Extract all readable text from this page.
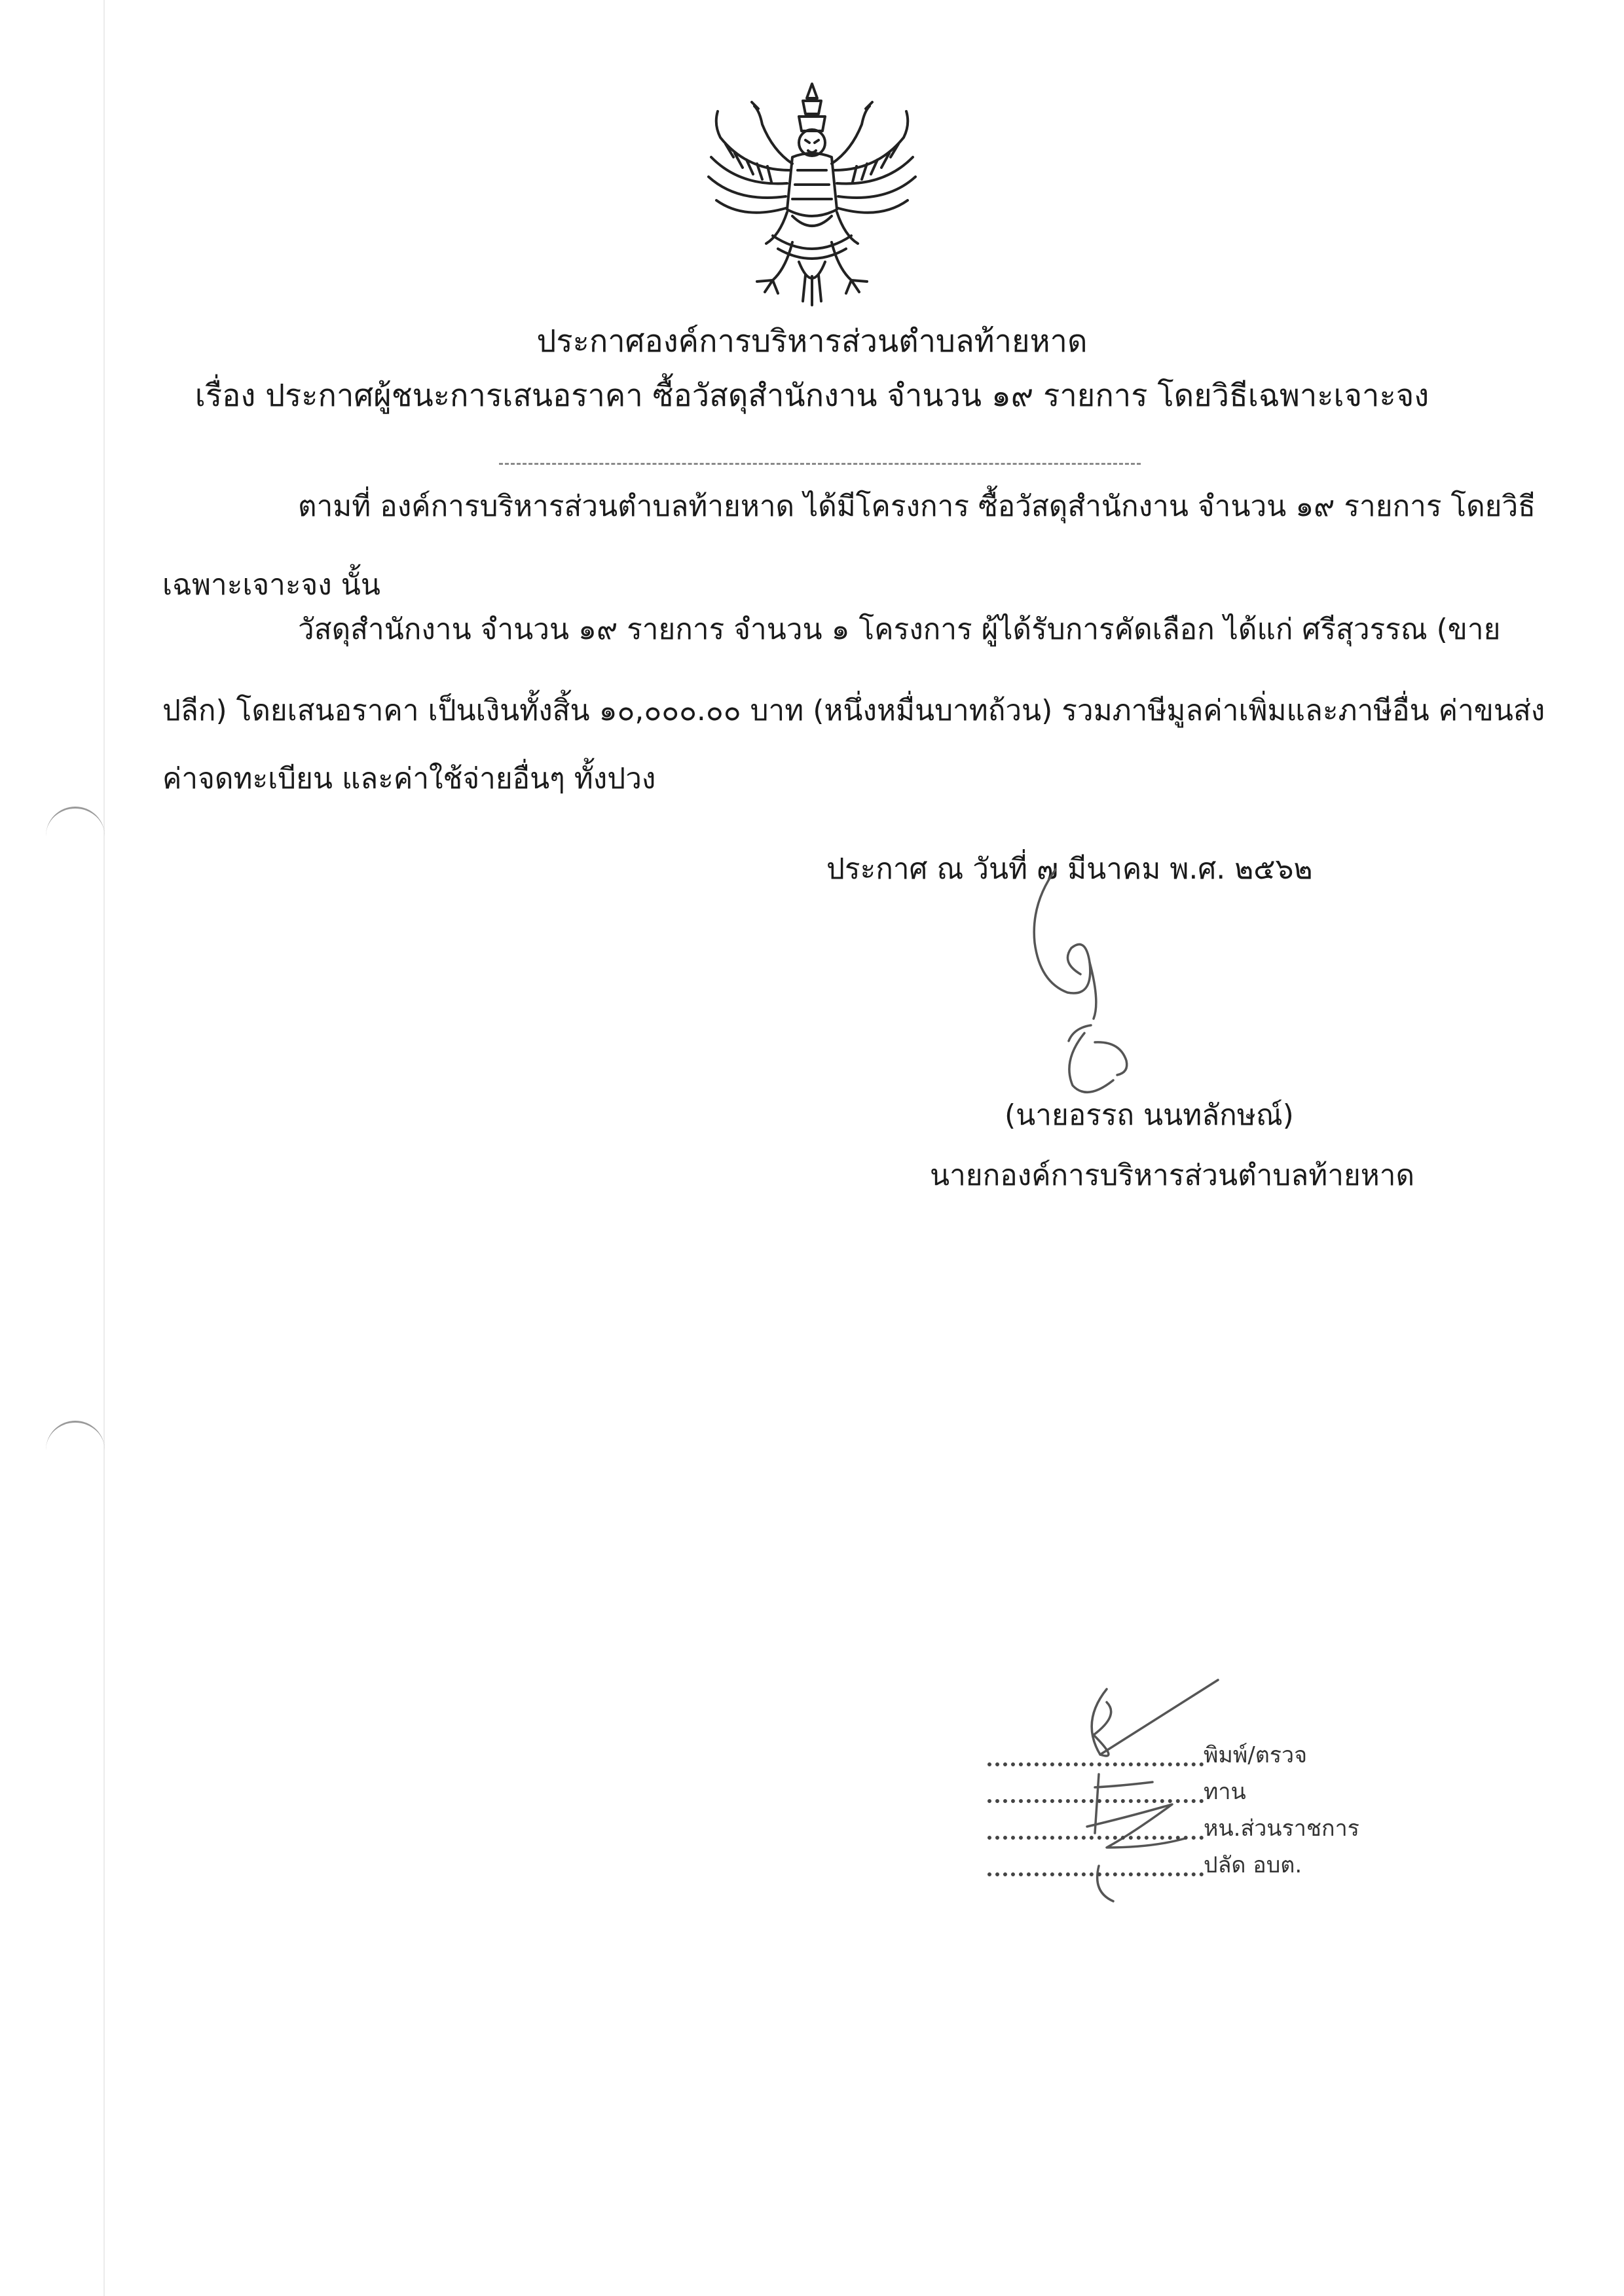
ประกาศองค์การบริหารส่วนตำบลท้ายหาด
เรื่อง ประกาศผู้ชนะการเสนอราคา ซื้อวัสดุสำนักงาน จำนวน ๑๙ รายการ โดยวิธีเฉพาะเจาะจง
ตามที่ องค์การบริหารส่วนตำบลท้ายหาด ได้มีโครงการ ซื้อวัสดุสำนักงาน จำนวน ๑๙ รายการ โดยวิธี
เฉพาะเจาะจง นั้น
วัสดุสำนักงาน จำนวน ๑๙ รายการ จำนวน ๑ โครงการ ผู้ได้รับการคัดเลือก ได้แก่ ศรีสุวรรณ (ขาย
ปลีก) โดยเสนอราคา เป็นเงินทั้งสิ้น ๑๐,๐๐๐.๐๐ บาท (หนึ่งหมื่นบาทถ้วน) รวมภาษีมูลค่าเพิ่มและภาษีอื่น ค่าขนส่ง
ค่าจดทะเบียน และค่าใช้จ่ายอื่นๆ ทั้งปวง
ประกาศ ณ วันที่ ๗ มีนาคม พ.ศ. ๒๕๖๒
(นายอรรถ นนทลักษณ์)
นายกองค์การบริหารส่วนตำบลท้ายหาด
พิมพ์/ตรวจ
ทาน
หน.ส่วนราชการ
ปลัด อบต.
